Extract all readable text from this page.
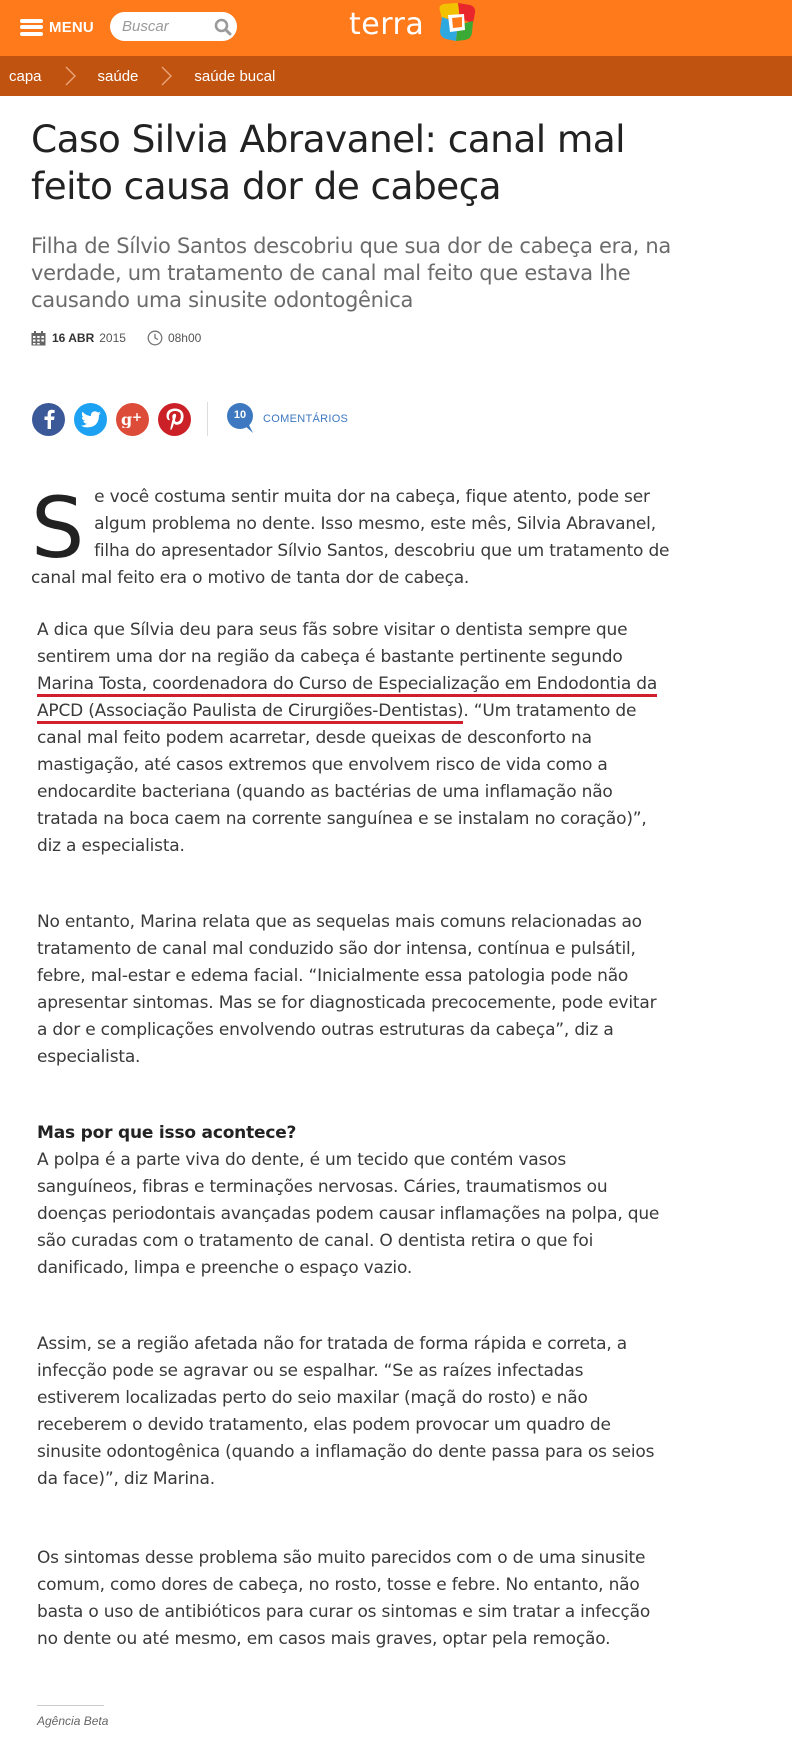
MENU
Buscar	terra
capa	saúde	saúde bucal
Caso Silvia Abravanel: canal mal feito causa dor de cabeça

Filha de Sílvio Santos descobriu que sua dor de cabeça era, na verdade, um tratamento de canal mal feito que estava lhe causando uma sinusite odontogênica

16 ABR 2015	08h00
g +	10	COMENTÁRIOS
S e você costuma sentir muita dor na cabeça, fique atento, pode ser algum problema no dente. Isso mesmo, este mês, Silvia Abravanel, filha do apresentador Sílvio Santos, descobriu que um tratamento de canal mal feito era o motivo de tanta dor de cabeça.

A dica que Sílvia deu para seus fãs sobre visitar o dentista sempre que sentirem uma dor na região da cabeça é bastante pertinente segundo Marina Tosta, coordenadora do Curso de Especialização em Endodontia da APCD (Associação Paulista de Cirurgiões-Dentistas). “Um tratamento de canal mal feito podem acarretar, desde queixas de desconforto na mastigação, até casos extremos que envolvem risco de vida como a endocardite bacteriana (quando as bactérias de uma inflamação não tratada na boca caem na corrente sanguínea e se instalam no coração)”, diz a especialista.

No entanto, Marina relata que as sequelas mais comuns relacionadas ao tratamento de canal mal conduzido são dor intensa, contínua e pulsátil, febre, mal-estar e edema facial. “Inicialmente essa patologia pode não apresentar sintomas. Mas se for diagnosticada precocemente, pode evitar a dor e complicações envolvendo outras estruturas da cabeça”, diz a especialista.

Mas por que isso acontece?
A polpa é a parte viva do dente, é um tecido que contém vasos sanguíneos, fibras e terminações nervosas. Cáries, traumatismos ou doenças periodontais avançadas podem causar inflamações na polpa, que são curadas com o tratamento de canal. O dentista retira o que foi danificado, limpa e preenche o espaço vazio.

Assim, se a região afetada não for tratada de forma rápida e correta, a infecção pode se agravar ou se espalhar. “Se as raízes infectadas estiverem localizadas perto do seio maxilar (maçã do rosto) e não receberem o devido tratamento, elas podem provocar um quadro de sinusite odontogênica (quando a inflamação do dente passa para os seios da face)”, diz Marina.

Os sintomas desse problema são muito parecidos com o de uma sinusite comum, como dores de cabeça, no rosto, tosse e febre. No entanto, não basta o uso de antibióticos para curar os sintomas e sim tratar a infecção no dente ou até mesmo, em casos mais graves, optar pela remoção.

Agência Beta
